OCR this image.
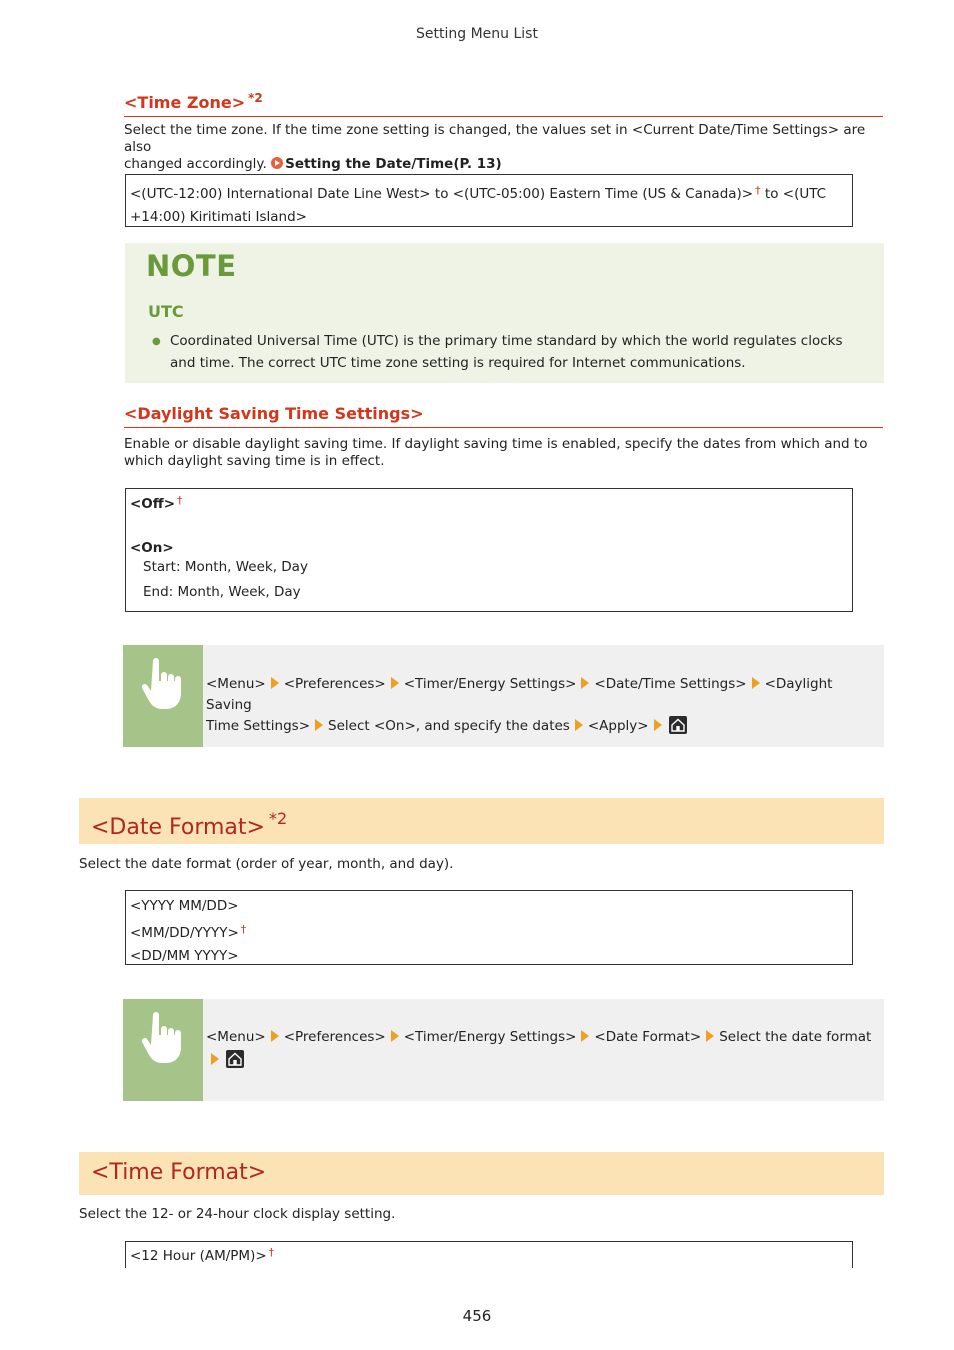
Setting Menu List
<Time Zone> $^{*2}$
Select the time zone. If the time zone setting is changed, the values set in <Current Date/Time Settings> are also
changed accordingly. Setting the Date/Time(P. 13)
<(UTC-12:00) International Date Line West> to <(UTC-05:00) Eastern Time (US & Canada)> † to <(UTC
+14:00) Kiritimati Island>
NOTE
UTC
● Coordinated Universal Time (UTC) is the primary time standard by which the world regulates clocks
and time. The correct UTC time zone setting is required for Internet communications.
<Daylight Saving Time Settings>
Enable or disable daylight saving time. If daylight saving time is enabled, specify the dates from which and to
which daylight saving time is in effect.
<Off> †
<On>
Start: Month, Week, Day
End: Month, Week, Day
<Menu> <Preferences> <Timer/Energy Settings> <Date/Time Settings> <Daylight Saving
Time Settings> Select <On>, and specify the dates <Apply>
<Date Format> $^{*2}$
Select the date format (order of year, month, and day).
<YYYY MM/DD>
<MM/DD/YYYY> †
<DD/MM YYYY>
<Menu> <Preferences> <Timer/Energy Settings> <Date Format> Select the date format
<Time Format>
Select the 12- or 24-hour clock display setting.
<12 Hour (AM/PM)> †
456
